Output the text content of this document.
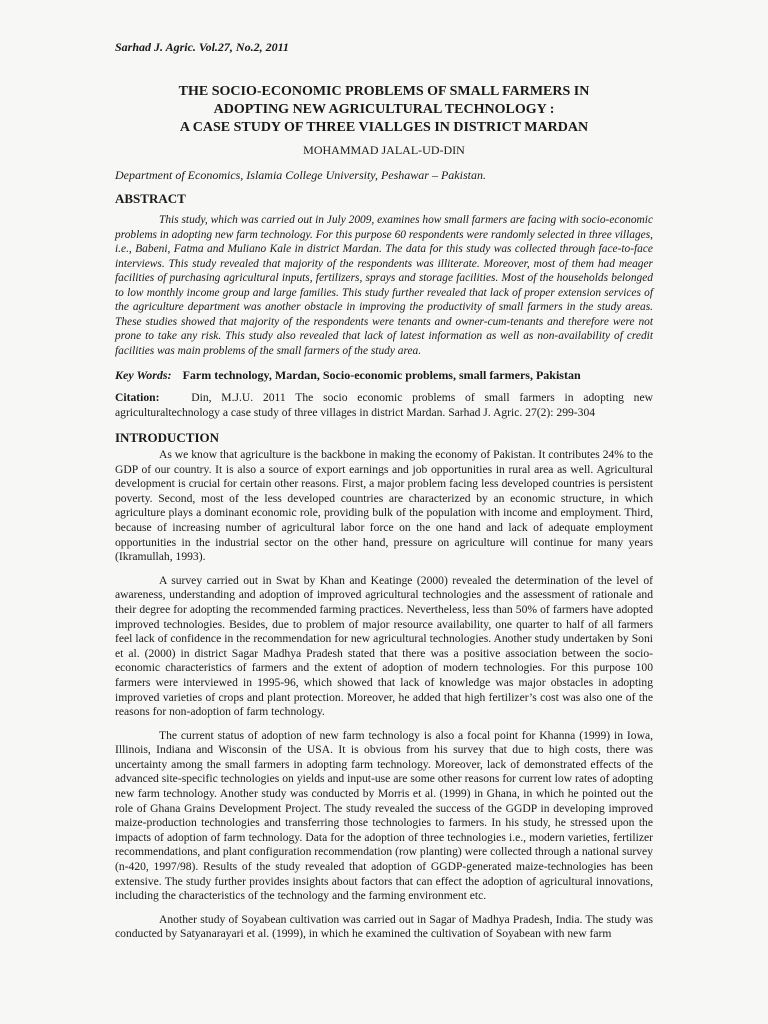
Sarhad J. Agric. Vol.27, No.2, 2011

THE SOCIO-ECONOMIC PROBLEMS OF SMALL FARMERS IN

ADOPTING NEW AGRICULTURAL TECHNOLOGY :

A CASE STUDY OF THREE VIALLGES IN DISTRICT MARDAN

MOHAMMAD JALAL-UD-DIN

Department of Economics, Islamia College University, Peshawar – Pakistan.

ABSTRACT

This study, which was carried out in July 2009, examines how small farmers are facing with socio-economic problems in adopting new farm technology. For this purpose 60 respondents were randomly selected in three villages, i.e., Babeni, Fatma and Muliano Kale in district Mardan. The data for this study was collected through face-to-face interviews. This study revealed that majority of the respondents was illiterate. Moreover, most of them had meager facilities of purchasing agricultural inputs, fertilizers, sprays and storage facilities. Most of the households belonged to low monthly income group and large families. This study further revealed that lack of proper extension services of the agriculture department was another obstacle in improving the productivity of small farmers in the study areas. These studies showed that majority of the respondents were tenants and owner-cum-tenants and therefore were not prone to take any risk. This study also revealed that lack of latest information as well as non-availability of credit facilities was main problems of the small farmers of the study area.

Key Words: Farm technology, Mardan, Socio-economic problems, small farmers, Pakistan

Citation:	Din, M.J.U. 2011 The socio economic problems of small farmers in adopting new agriculturaltechnology a case study of three villages in district Mardan. Sarhad J. Agric. 27(2): 299-304

INTRODUCTION

As we know that agriculture is the backbone in making the economy of Pakistan. It contributes 24% to the GDP of our country. It is also a source of export earnings and job opportunities in rural area as well. Agricultural development is crucial for certain other reasons. First, a major problem facing less developed countries is persistent poverty. Second, most of the less developed countries are characterized by an economic structure, in which agriculture plays a dominant economic role, providing bulk of the population with income and employment. Third, because of increasing number of agricultural labor force on the one hand and lack of adequate employment opportunities in the industrial sector on the other hand, pressure on agriculture will continue for many years (Ikramullah, 1993).

A survey carried out in Swat by Khan and Keatinge (2000) revealed the determination of the level of awareness, understanding and adoption of improved agricultural technologies and the assessment of rationale and their degree for adopting the recommended farming practices. Nevertheless, less than 50% of farmers have adopted improved technologies. Besides, due to problem of major resource availability, one quarter to half of all farmers feel lack of confidence in the recommendation for new agricultural technologies. Another study undertaken by Soni et al. (2000) in district Sagar Madhya Pradesh stated that there was a positive association between the socio-economic characteristics of farmers and the extent of adoption of modern technologies. For this purpose 100 farmers were interviewed in 1995-96, which showed that lack of knowledge was major obstacles in adopting improved varieties of crops and plant protection. Moreover, he added that high fertilizer’s cost was also one of the reasons for non-adoption of farm technology.

The current status of adoption of new farm technology is also a focal point for Khanna (1999) in Iowa, Illinois, Indiana and Wisconsin of the USA. It is obvious from his survey that due to high costs, there was uncertainty among the small farmers in adopting farm technology. Moreover, lack of demonstrated effects of the advanced site-specific technologies on yields and input-use are some other reasons for current low rates of adopting new farm technology. Another study was conducted by Morris et al. (1999) in Ghana, in which he pointed out the role of Ghana Grains Development Project. The study revealed the success of the GGDP in developing improved maize-production technologies and transferring those technologies to farmers. In his study, he stressed upon the impacts of adoption of farm technology. Data for the adoption of three technologies i.e., modern varieties, fertilizer recommendations, and plant configuration recommendation (row planting) were collected through a national survey (n-420, 1997/98). Results of the study revealed that adoption of GGDP-generated maize-technologies has been extensive. The study further provides insights about factors that can effect the adoption of agricultural innovations, including the characteristics of the technology and the farming environment etc.

Another study of Soyabean cultivation was carried out in Sagar of Madhya Pradesh, India. The study was conducted by Satyanarayari et al. (1999), in which he examined the cultivation of Soyabean with new farm
